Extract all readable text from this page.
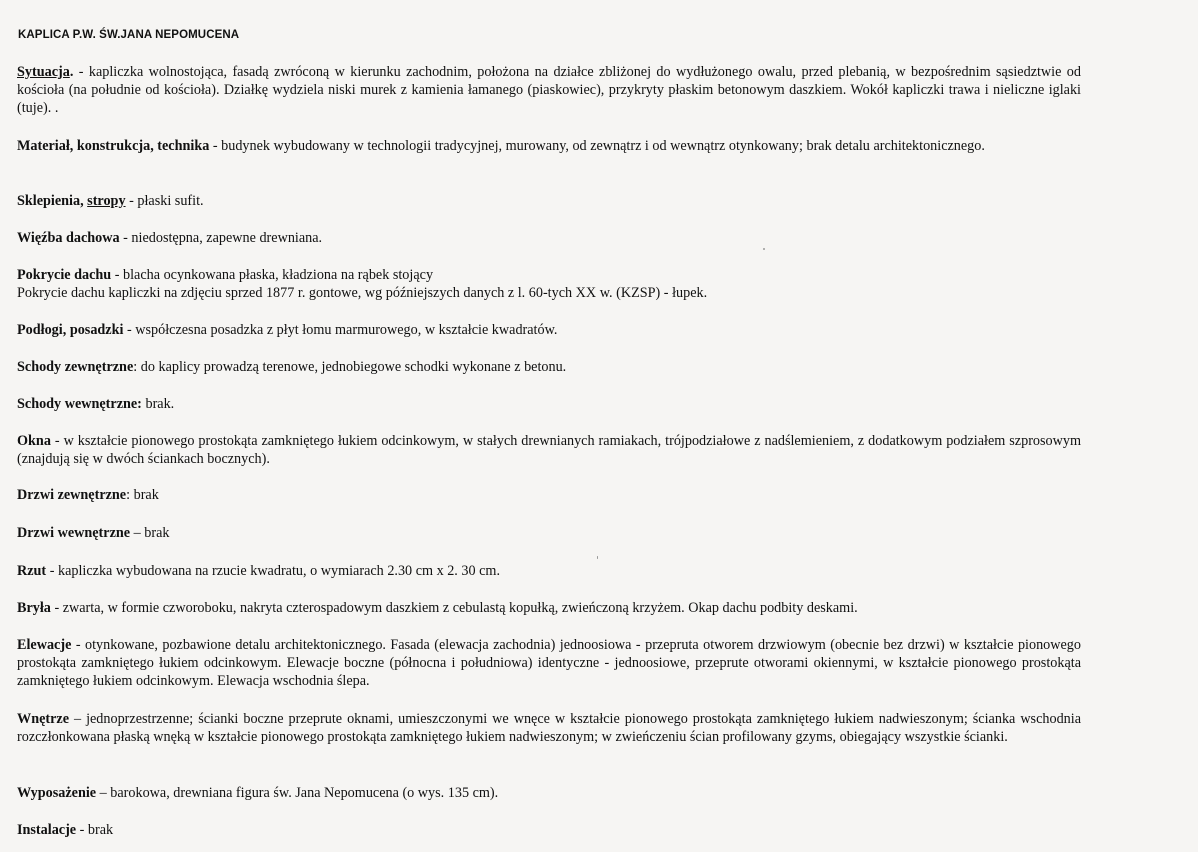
KAPLICA P.W. ŚW.JANA NEPOMUCENA
Sytuacja. - kapliczka wolnostojąca, fasadą zwróconą w kierunku zachodnim, położona na działce zbliżonej do wydłużonego owalu, przed plebanią, w bezpośrednim sąsiedztwie od kościoła (na południe od kościoła). Działkę wydziela niski murek z kamienia łamanego (piaskowiec), przykryty płaskim betonowym daszkiem. Wokół kapliczki trawa i nieliczne iglaki (tuje). .
Materiał, konstrukcja, technika - budynek wybudowany w technologii tradycyjnej, murowany, od zewnątrz i od wewnątrz otynkowany; brak detalu architektonicznego.
Sklepienia, stropy - płaski sufit.
Więźba dachowa - niedostępna, zapewne drewniana.
Pokrycie dachu - blacha ocynkowana płaska, kładziona na rąbek stojący
Pokrycie dachu kapliczki na zdjęciu sprzed 1877 r. gontowe, wg późniejszych danych z l. 60-tych XX w. (KZSP) - łupek.
Podłogi, posadzki - współczesna posadzka z płyt łomu marmurowego, w kształcie kwadratów.
Schody zewnętrzne: do kaplicy prowadzą terenowe, jednobiegowe schodki wykonane z betonu.
Schody wewnętrzne: brak.
Okna - w kształcie pionowego prostokąta zamkniętego łukiem odcinkowym, w stałych drewnianych ramiakach, trójpodziałowe z nadślemieniem, z dodatkowym podziałem szprosowym (znajdują się w dwóch ściankach bocznych).
Drzwi zewnętrzne: brak
Drzwi wewnętrzne – brak
Rzut - kapliczka wybudowana na rzucie kwadratu, o wymiarach 2.30 cm x 2. 30 cm.
Bryła - zwarta, w formie czworoboku, nakryta czterospadowym daszkiem z cebulastą kopułką, zwieńczoną krzyżem. Okap dachu podbity deskami.
Elewacje - otynkowane, pozbawione detalu architektonicznego. Fasada (elewacja zachodnia) jednoosiowa - przepruta otworem drzwiowym (obecnie bez drzwi) w kształcie pionowego prostokąta zamkniętego łukiem odcinkowym. Elewacje boczne (północna i południowa) identyczne - jednoosiowe, przeprute otworami okiennymi, w kształcie pionowego prostokąta zamkniętego łukiem odcinkowym. Elewacja wschodnia ślepa.
Wnętrze – jednoprzestrzenne; ścianki boczne przeprute oknami, umieszczonymi we wnęce w kształcie pionowego prostokąta zamkniętego łukiem nadwieszonym; ścianka wschodnia rozczłonkowana płaską wnęką w kształcie pionowego prostokąta zamkniętego łukiem nadwieszonym; w zwieńczeniu ścian profilowany gzyms, obiegający wszystkie ścianki.
Wyposażenie – barokowa, drewniana figura św. Jana Nepomucena (o wys. 135 cm).
Instalacje - brak
